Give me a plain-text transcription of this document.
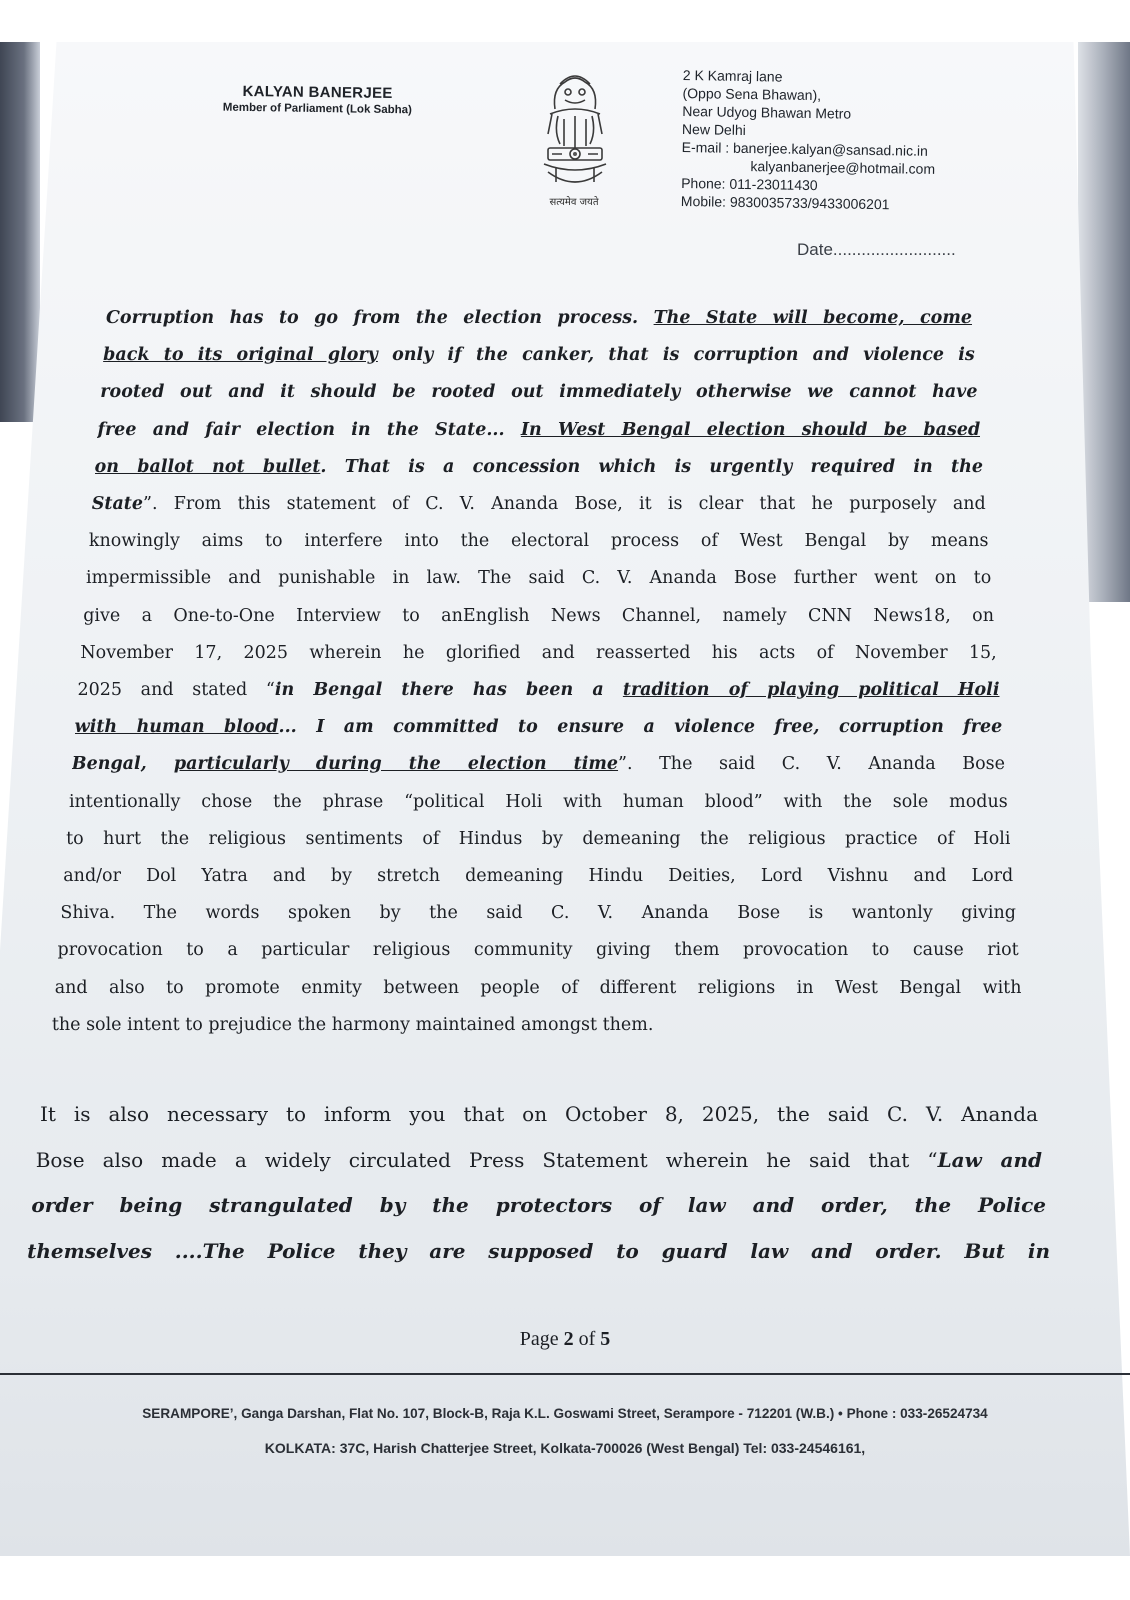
KALYAN BANERJEE
Member of Parliament (Lok Sabha)
सत्यमेव जयते
2 K Kamraj lane
(Oppo Sena Bhawan),
Near Udyog Bhawan Metro
New Delhi
E-mail : banerjee.kalyan@sansad.nic.in
kalyanbanerjee@hotmail.com
Phone: 011-23011430
Mobile: 9830035733/9433006201
Date..........................
Corruption has to go from the election process. The State will become, come
back to its original glory only if the canker, that is corruption and violence is
rooted out and it should be rooted out immediately otherwise we cannot have
free and fair election in the State... In West Bengal election should be based
on ballot not bullet. That is a concession which is urgently required in the
State”. From this statement of C. V. Ananda Bose, it is clear that he purposely and
knowingly aims to interfere into the electoral process of West Bengal by means
impermissible and punishable in law. The said C. V. Ananda Bose further went on to
give a One-to-One Interview to anEnglish News Channel, namely CNN News18, on
November 17, 2025 wherein he glorified and reasserted his acts of November 15,
2025 and stated “in Bengal there has been a tradition of playing political Holi
with human blood... I am committed to ensure a violence free, corruption free
Bengal, particularly during the election time”. The said C. V. Ananda Bose
intentionally chose the phrase “political Holi with human blood” with the sole modus
to hurt the religious sentiments of Hindus by demeaning the religious practice of Holi
and/or Dol Yatra and by stretch demeaning Hindu Deities, Lord Vishnu and Lord
Shiva. The words spoken by the said C. V. Ananda Bose is wantonly giving
provocation to a particular religious community giving them provocation to cause riot
and also to promote enmity between people of different religions in West Bengal with
the sole intent to prejudice the harmony maintained amongst them.
It is also necessary to inform you that on October 8, 2025, the said C. V. Ananda
Bose also made a widely circulated Press Statement wherein he said that “Law and
order being strangulated by the protectors of law and order, the Police
themselves ....The Police they are supposed to guard law and order. But in
Page 2 of 5
SERAMPORE’, Ganga Darshan, Flat No. 107, Block-B, Raja K.L. Goswami Street, Serampore - 712201 (W.B.) • Phone : 033-26524734
KOLKATA: 37C, Harish Chatterjee Street, Kolkata-700026 (West Bengal) Tel: 033-24546161,
